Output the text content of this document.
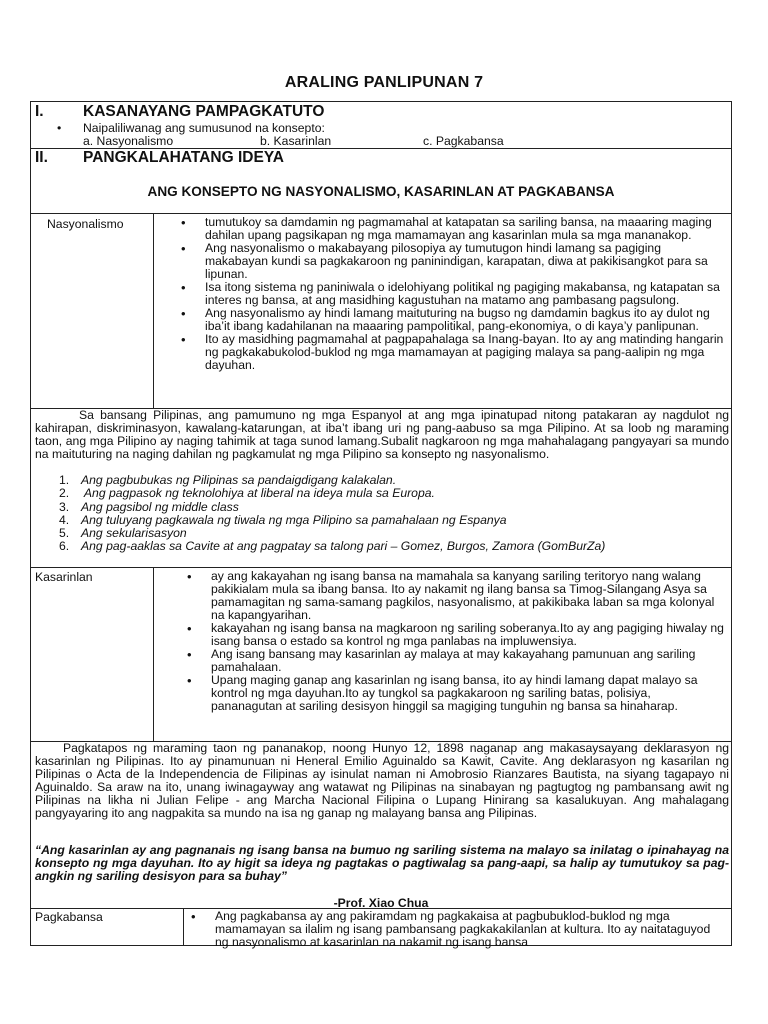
ARALING PANLIPUNAN 7
I.	KASANAYANG PAMPAGKATUTO
• Naipaliliwanag ang sumusunod na konsepto:
a. Nasyonalismo	b. Kasarinlan	c. Pagkabansa
II. PANGKALAHATANG IDEYA
ANG KONSEPTO NG NASYONALISMO, KASARINLAN AT PAGKABANSA
Nasyonalismo	• tumutukoy sa damdamin ng pagmamahal at katapatan sa sariling bansa, na maaaring maging dahilan upang pagsikapan ng mga mamamayan ang kasarinlan mula sa mga mananakop.
• Ang nasyonalismo o makabayang pilosopiya ay tumutugon hindi lamang sa pagiging makabayan kundi sa pagkakaroon ng paninindigan, karapatan, diwa at pakikisangkot para sa lipunan.
• Isa itong sistema ng paniniwala o idelohiyang politikal ng pagiging makabansa, ng katapatan sa interes ng bansa, at ang masidhing kagustuhan na matamo ang pambasang pagsulong.
• Ang nasyonalismo ay hindi lamang maituturing na bugso ng damdamin bagkus ito ay dulot ng iba’it ibang kadahilanan na maaaring pampolitikal, pang-ekonomiya, o di kaya’y panlipunan.
• Ito ay masidhing pagmamahal at pagpapahalaga sa Inang-bayan. Ito ay ang matinding hangarin ng pagkakabukolod-buklod ng mga mamamayan at pagiging malaya sa pang-aalipin ng mga dayuhan.
Sa bansang Pilipinas, ang pamumuno ng mga Espanyol at ang mga ipinatupad nitong patakaran ay nagdulot ng kahirapan, diskriminasyon, kawalang-katarungan, at iba’t ibang uri ng pang-aabuso sa mga Pilipino. At sa loob ng maraming taon, ang mga Pilipino ay naging tahimik at taga sunod lamang.Subalit nagkaroon ng mga mahahalagang pangyayari sa mundo na maituturing na naging dahilan ng pagkamulat ng mga Pilipino sa konsepto ng nasyonalismo.
1. Ang pagbubukas ng Pilipinas sa pandaigdigang kalakalan.
2. Ang pagpasok ng teknolohiya at liberal na ideya mula sa Europa.
3. Ang pagsibol ng middle class
4. Ang tuluyang pagkawala ng tiwala ng mga Pilipino sa pamahalaan ng Espanya
5. Ang sekularisasyon
6. Ang pag-aaklas sa Cavite at ang pagpatay sa talong pari – Gomez, Burgos, Zamora (GomBurZa)
Kasarinlan	• ay ang kakayahan ng isang bansa na mamahala sa kanyang sariling teritoryo nang walang pakikialam mula sa ibang bansa. Ito ay nakamit ng ilang bansa sa Timog-Silangang Asya sa pamamagitan ng sama-samang pagkilos, nasyonalismo, at pakikibaka laban sa mga kolonyal na kapangyarihan.
• kakayahan ng isang bansa na magkaroon ng sariling soberanya.Ito ay ang pagiging hiwalay ng isang bansa o estado sa kontrol ng mga panlabas na impluwensiya.
• Ang isang bansang may kasarinlan ay malaya at may kakayahang pamunuan ang sariling pamahalaan.
• Upang maging ganap ang kasarinlan ng isang bansa, ito ay hindi lamang dapat malayo sa kontrol ng mga dayuhan.Ito ay tungkol sa pagkakaroon ng sariling batas, polisiya, pananagutan at sariling desisyon hinggil sa magiging tunguhin ng bansa sa hinaharap.
Pagkatapos ng maraming taon ng pananakop, noong Hunyo 12, 1898 naganap ang makasaysayang deklarasyon ng kasarinlan ng Pilipinas. Ito ay pinamunuan ni Heneral Emilio Aguinaldo sa Kawit, Cavite. Ang deklarasyon ng kasarilan ng Pilipinas o Acta de la Independencia de Filipinas ay isinulat naman ni Amobrosio Rianzares Bautista, na siyang tagapayo ni Aguinaldo. Sa araw na ito, unang iwinagayway ang watawat ng Pilipinas na sinabayan ng pagtugtog ng pambansang awit ng Pilipinas na likha ni Julian Felipe - ang Marcha Nacional Filipina o Lupang Hinirang sa kasalukuyan. Ang mahalagang pangyayaring ito ang nagpakita sa mundo na isa ng ganap ng malayang bansa ang Pilipinas.
“Ang kasarinlan ay ang pagnanais ng isang bansa na bumuo ng sariling sistema na malayo sa inilatag o ipinahayag na konsepto ng mga dayuhan. Ito ay higit sa ideya ng pagtakas o pagtiwalag sa pang-aapi, sa halip ay tumutukoy sa pag-angkin ng sariling desisyon para sa buhay”
-Prof. Xiao Chua
Pagkabansa	• Ang pagkabansa ay ang pakiramdam ng pagkakaisa at pagbubuklod-buklod ng mga mamamayan sa ilalim ng isang pambansang pagkakakilanlan at kultura. Ito ay naitataguyod ng nasyonalismo at kasarinlan na nakamit ng isang bansa
